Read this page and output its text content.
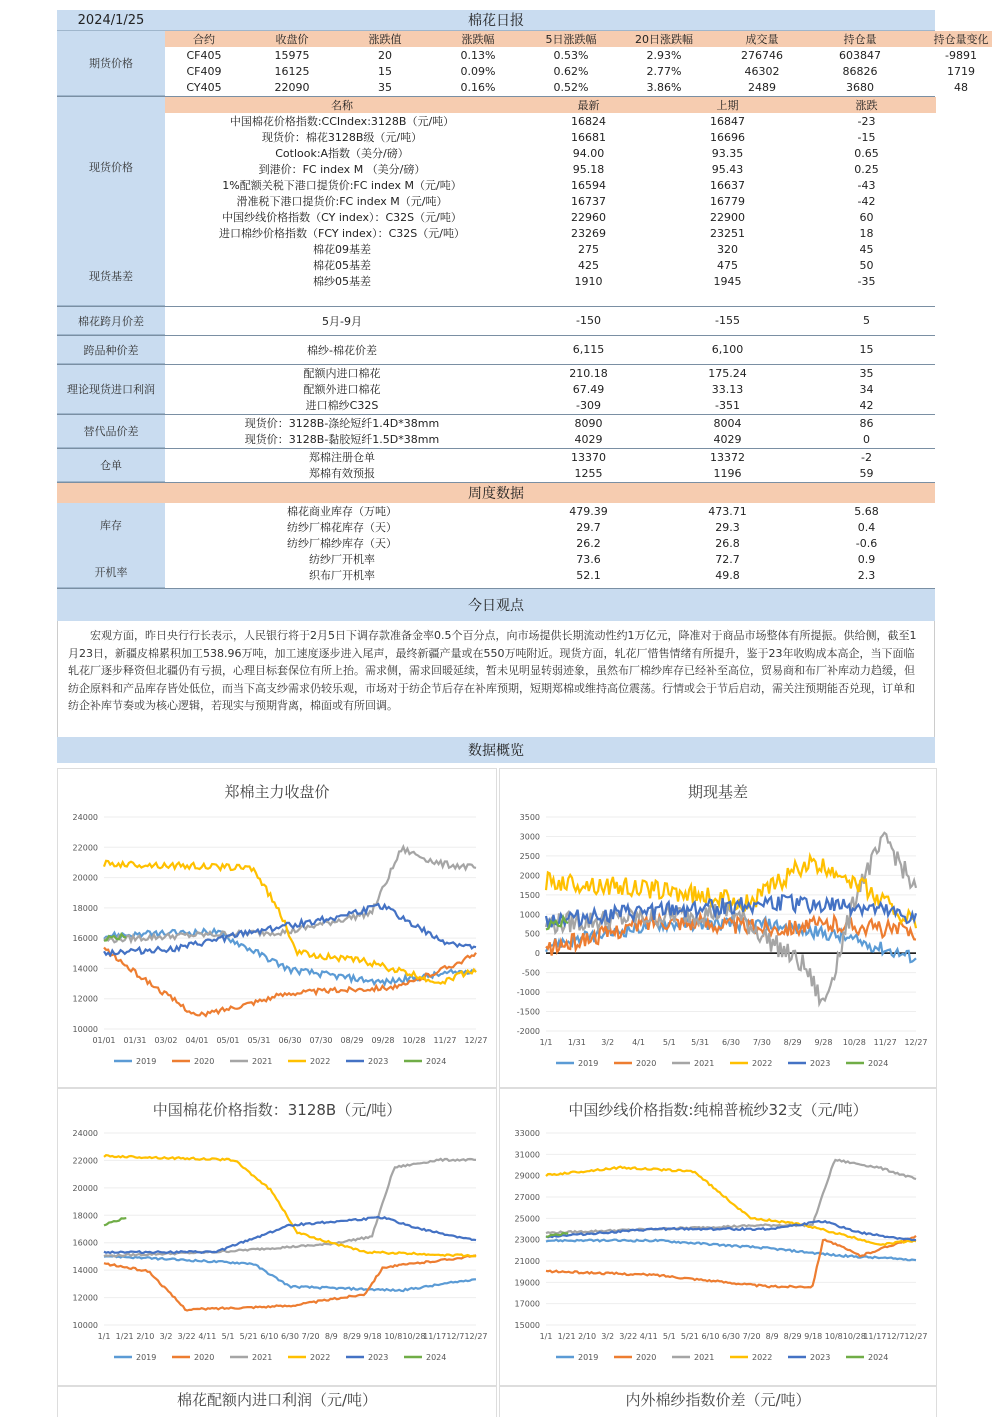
2024/1/25	棉花日报
期货价格
合约	收盘价	涨跌值	涨跌幅	5日涨跌幅	20日涨跌幅	成交量	持仓量	持仓量变化
CF405	15975	20	0.13%	0.53%	2.93%	276746	603847	-9891
CF409	16125	15	0.09%	0.62%	2.77%	46302	86826	1719
CY405	22090	35	0.16%	0.52%	3.86%	2489	3680	48
现货价格
现货基差
名称	最新	上期	涨跌
中国棉花价格指数:CCIndex:3128B（元/吨）	16824	16847	-23
现货价：棉花3128B级（元/吨）	16681	16696	-15
Cotlook:A指数（美分/磅）	94.00	93.35	0.65
到港价：FC index M （美分/磅）	95.18	95.43	0.25
1%配额关税下港口提货价:FC index M（元/吨）	16594	16637	-43
滑准税下港口提货价:FC index M（元/吨）	16737	16779	-42
中国纱线价格指数（CY index）：C32S（元/吨）	22960	22900	60
进口棉纱价格指数（FCY index）：C32S（元/吨）	23269	23251	18
棉花09基差	275	320	45
棉花05基差	425	475	50
棉纱05基差	1910	1945	-35
棉花跨月价差	5月-9月	-150	-155	5
跨品种价差	棉纱-棉花价差	6,115	6,100	15
理论现货进口利润
配额内进口棉花	210.18	175.24	35
配额外进口棉花	67.49	33.13	34
进口棉纱C32S	-309	-351	42
替代品价差
现货价：3128B-涤纶短纤1.4D*38mm	8090	8004	86
现货价：3128B-黏胶短纤1.5D*38mm	4029	4029	0
仓单
郑棉注册仓单	13370	13372	-2
郑棉有效预报	1255	1196	59
周度数据
库存
开机率
棉花商业库存（万吨）	479.39	473.71	5.68
纺纱厂棉花库存（天）	29.7	29.3	0.4
纺纱厂棉纱库存（天）	26.2	26.8	-0.6
纺纱厂开机率	73.6	72.7	0.9
织布厂开机率	52.1	49.8	2.3
今日观点
宏观方面，昨日央行行长表示，人民银行将于2月5日下调存款准备金率0.5个百分点，向市场提供长期流动性约1万亿元，降准对于商品市场整体有所提振。供给侧，截至1月23日，新疆皮棉累积加工538.96万吨，加工速度逐步进入尾声，最终新疆产量或在550万吨附近。现货方面，轧花厂惜售情绪有所提升，鉴于23年收购成本高企，当下面临轧花厂逐步释资但北疆仍有亏损，心理目标套保位有所上抬。需求侧，需求回暖延续，暂未见明显转弱迹象，虽然布厂棉纱库存已经补至高位，贸易商和布厂补库动力趋缓，但纺企原料和产品库存皆处低位，而当下高支纱需求仍较乐观，市场对于纺企节后存在补库预期，短期郑棉或维持高位震荡。行情或会于节后启动，需关注预期能否兑现，订单和纺企补库节奏或为核心逻辑，若现实与预期背离，棉面或有所回调。
数据概览
郑棉主力收盘价
24000
22000
20000
18000
16000
14000
12000
10000
01/01 01/31 03/02 04/01 05/01 05/31 06/30 07/30 08/29 09/28 10/28 11/27 12/27
2019	2020	2021	2022	2023	2024
期现基差
3500
3000
2500
2000
1500
1000
500
0
-500
-1000
-1500
-2000
1/1 1/31 3/2 4/1 5/1 5/31 6/30 7/30 8/29 9/28 10/28 11/27 12/27
2019	2020	2021	2022	2023	2024
中国棉花价格指数：3128B（元/吨）
24000
22000
20000
18000
16000
14000
12000
10000
1/1 1/21 2/10 3/2 3/22 4/11 5/1 5/21 6/10 6/30 7/20 8/9 8/29 9/18 10/8 10/28
11/17 12/7 12/27
2019	2020	2021	2022	2023	2024
中国纱线价格指数:纯棉普梳纱32支（元/吨）
33000
31000
29000
27000
25000
23000
21000
19000
17000
15000
1/1 1/21 2/10 3/2 3/22 4/11 5/1 5/21 6/10 6/30 7/20 8/9 8/29 9/18 10/8 10/28
11/17 12/7 12/27
2019	2020	2021	2022	2023	2024
棉花配额内进口利润（元/吨）	内外棉纱指数价差（元/吨）
